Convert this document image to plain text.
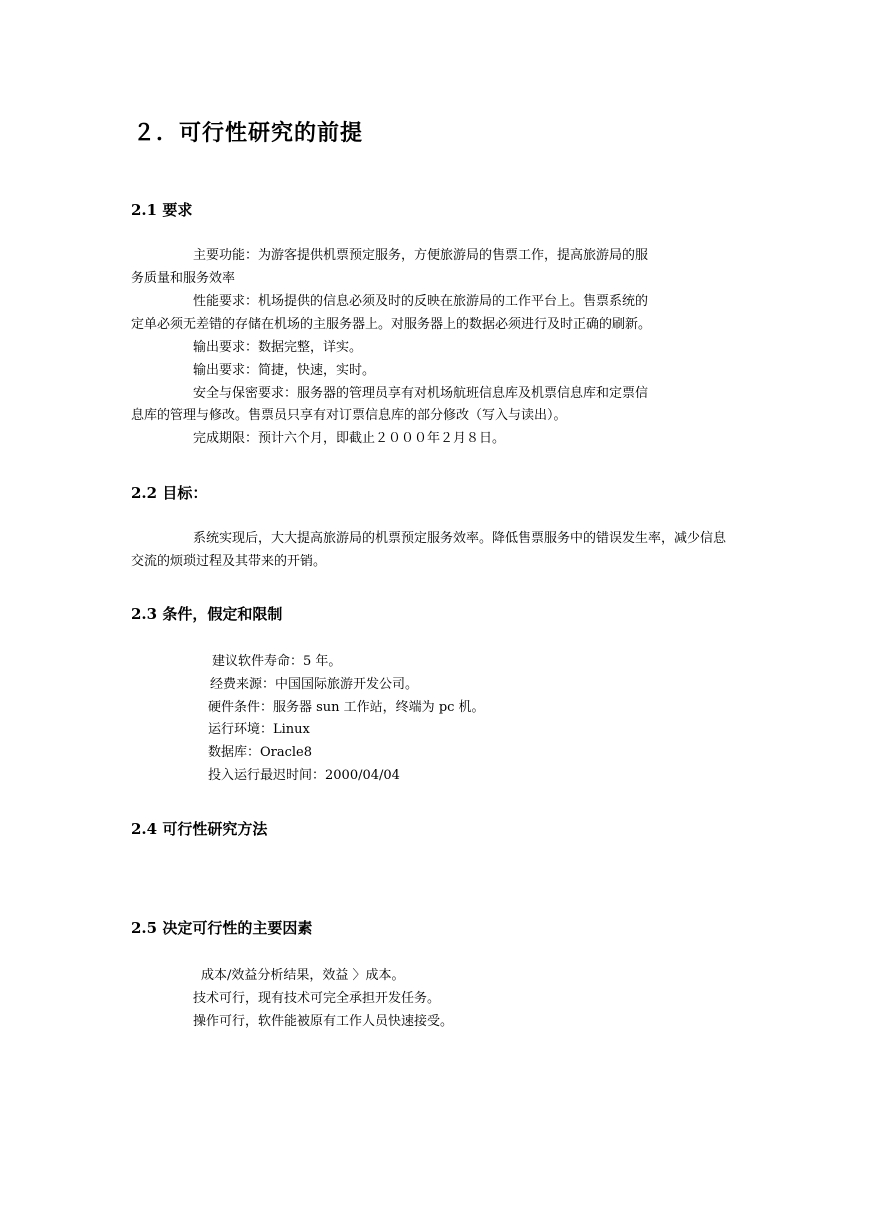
２．可行性研究的前提
2.1 要求
主要功能：为游客提供机票预定服务，方便旅游局的售票工作，提高旅游局的服
务质量和服务效率
性能要求：机场提供的信息必须及时的反映在旅游局的工作平台上。售票系统的
定单必须无差错的存储在机场的主服务器上。对服务器上的数据必须进行及时正确的刷新。
输出要求：数据完整，详实。
输出要求：简捷，快速，实时。
安全与保密要求：服务器的管理员享有对机场航班信息库及机票信息库和定票信
息库的管理与修改。售票员只享有对订票信息库的部分修改（写入与读出）。
完成期限：预计六个月，即截止２０００年２月８日。
2.2 目标：
系统实现后，大大提高旅游局的机票预定服务效率。降低售票服务中的错误发生率，减少信息
交流的烦琐过程及其带来的开销。
2.3 条件，假定和限制
建议软件寿命：5 年。
经费来源：中国国际旅游开发公司。
硬件条件：服务器 sun 工作站，终端为 pc 机。
运行环境：Linux
数据库：Oracle8
投入运行最迟时间：2000/04/04
2.4 可行性研究方法
2.5 决定可行性的主要因素
成本/效益分析结果，效益 〉成本。
技术可行，现有技术可完全承担开发任务。
操作可行，软件能被原有工作人员快速接受。
